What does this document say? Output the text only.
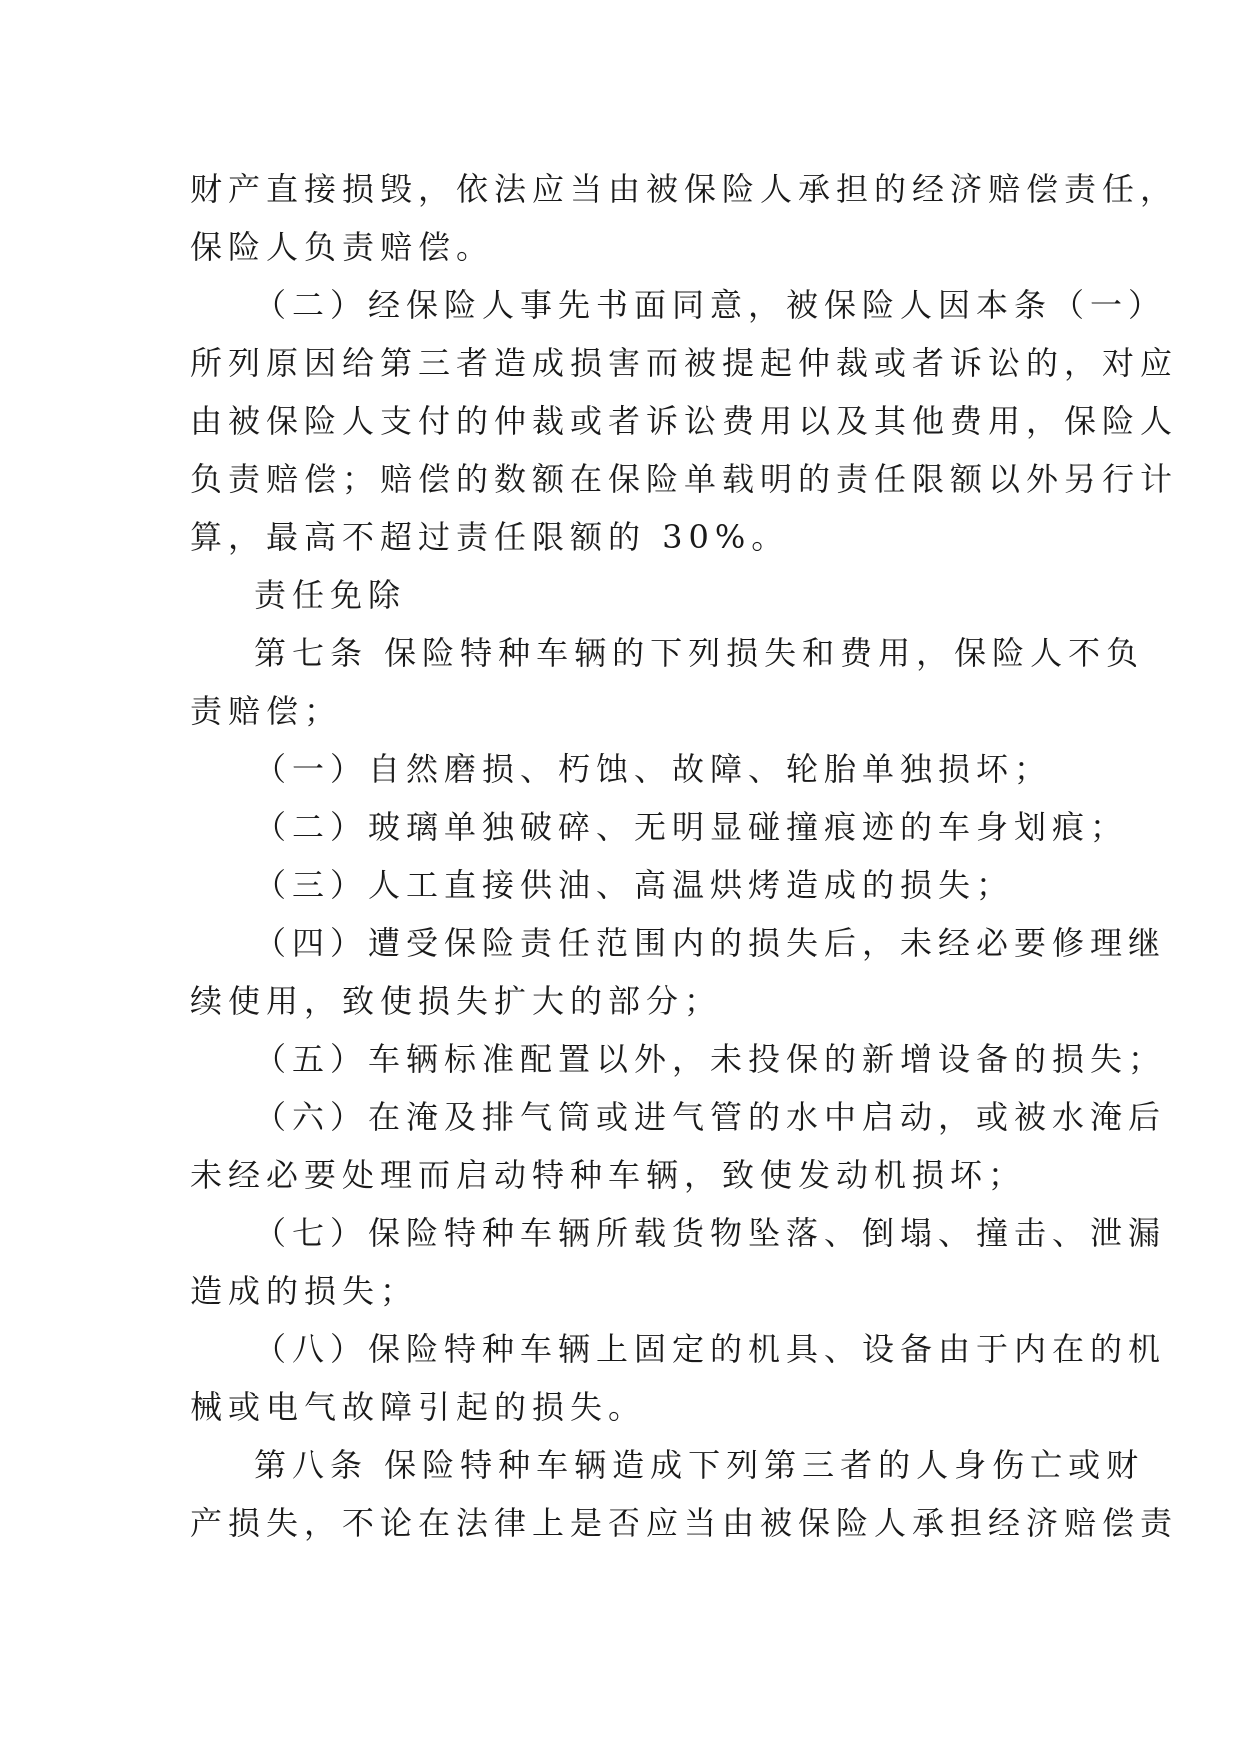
财产直接损毁，依法应当由被保险人承担的经济赔偿责任，
保险人负责赔偿。
（二）经保险人事先书面同意，被保险人因本条（一）
所列原因给第三者造成损害而被提起仲裁或者诉讼的，对应
由被保险人支付的仲裁或者诉讼费用以及其他费用，保险人
负责赔偿；赔偿的数额在保险单载明的责任限额以外另行计
算，最高不超过责任限额的 30%。
责任免除
第七条 保险特种车辆的下列损失和费用，保险人不负
责赔偿；
（一）自然磨损、朽蚀、故障、轮胎单独损坏；
（二）玻璃单独破碎、无明显碰撞痕迹的车身划痕；
（三）人工直接供油、高温烘烤造成的损失；
（四）遭受保险责任范围内的损失后，未经必要修理继
续使用，致使损失扩大的部分；
（五）车辆标准配置以外，未投保的新增设备的损失；
（六）在淹及排气筒或进气管的水中启动，或被水淹后
未经必要处理而启动特种车辆，致使发动机损坏；
（七）保险特种车辆所载货物坠落、倒塌、撞击、泄漏
造成的损失；
（八）保险特种车辆上固定的机具、设备由于内在的机
械或电气故障引起的损失。
第八条 保险特种车辆造成下列第三者的人身伤亡或财
产损失，不论在法律上是否应当由被保险人承担经济赔偿责
